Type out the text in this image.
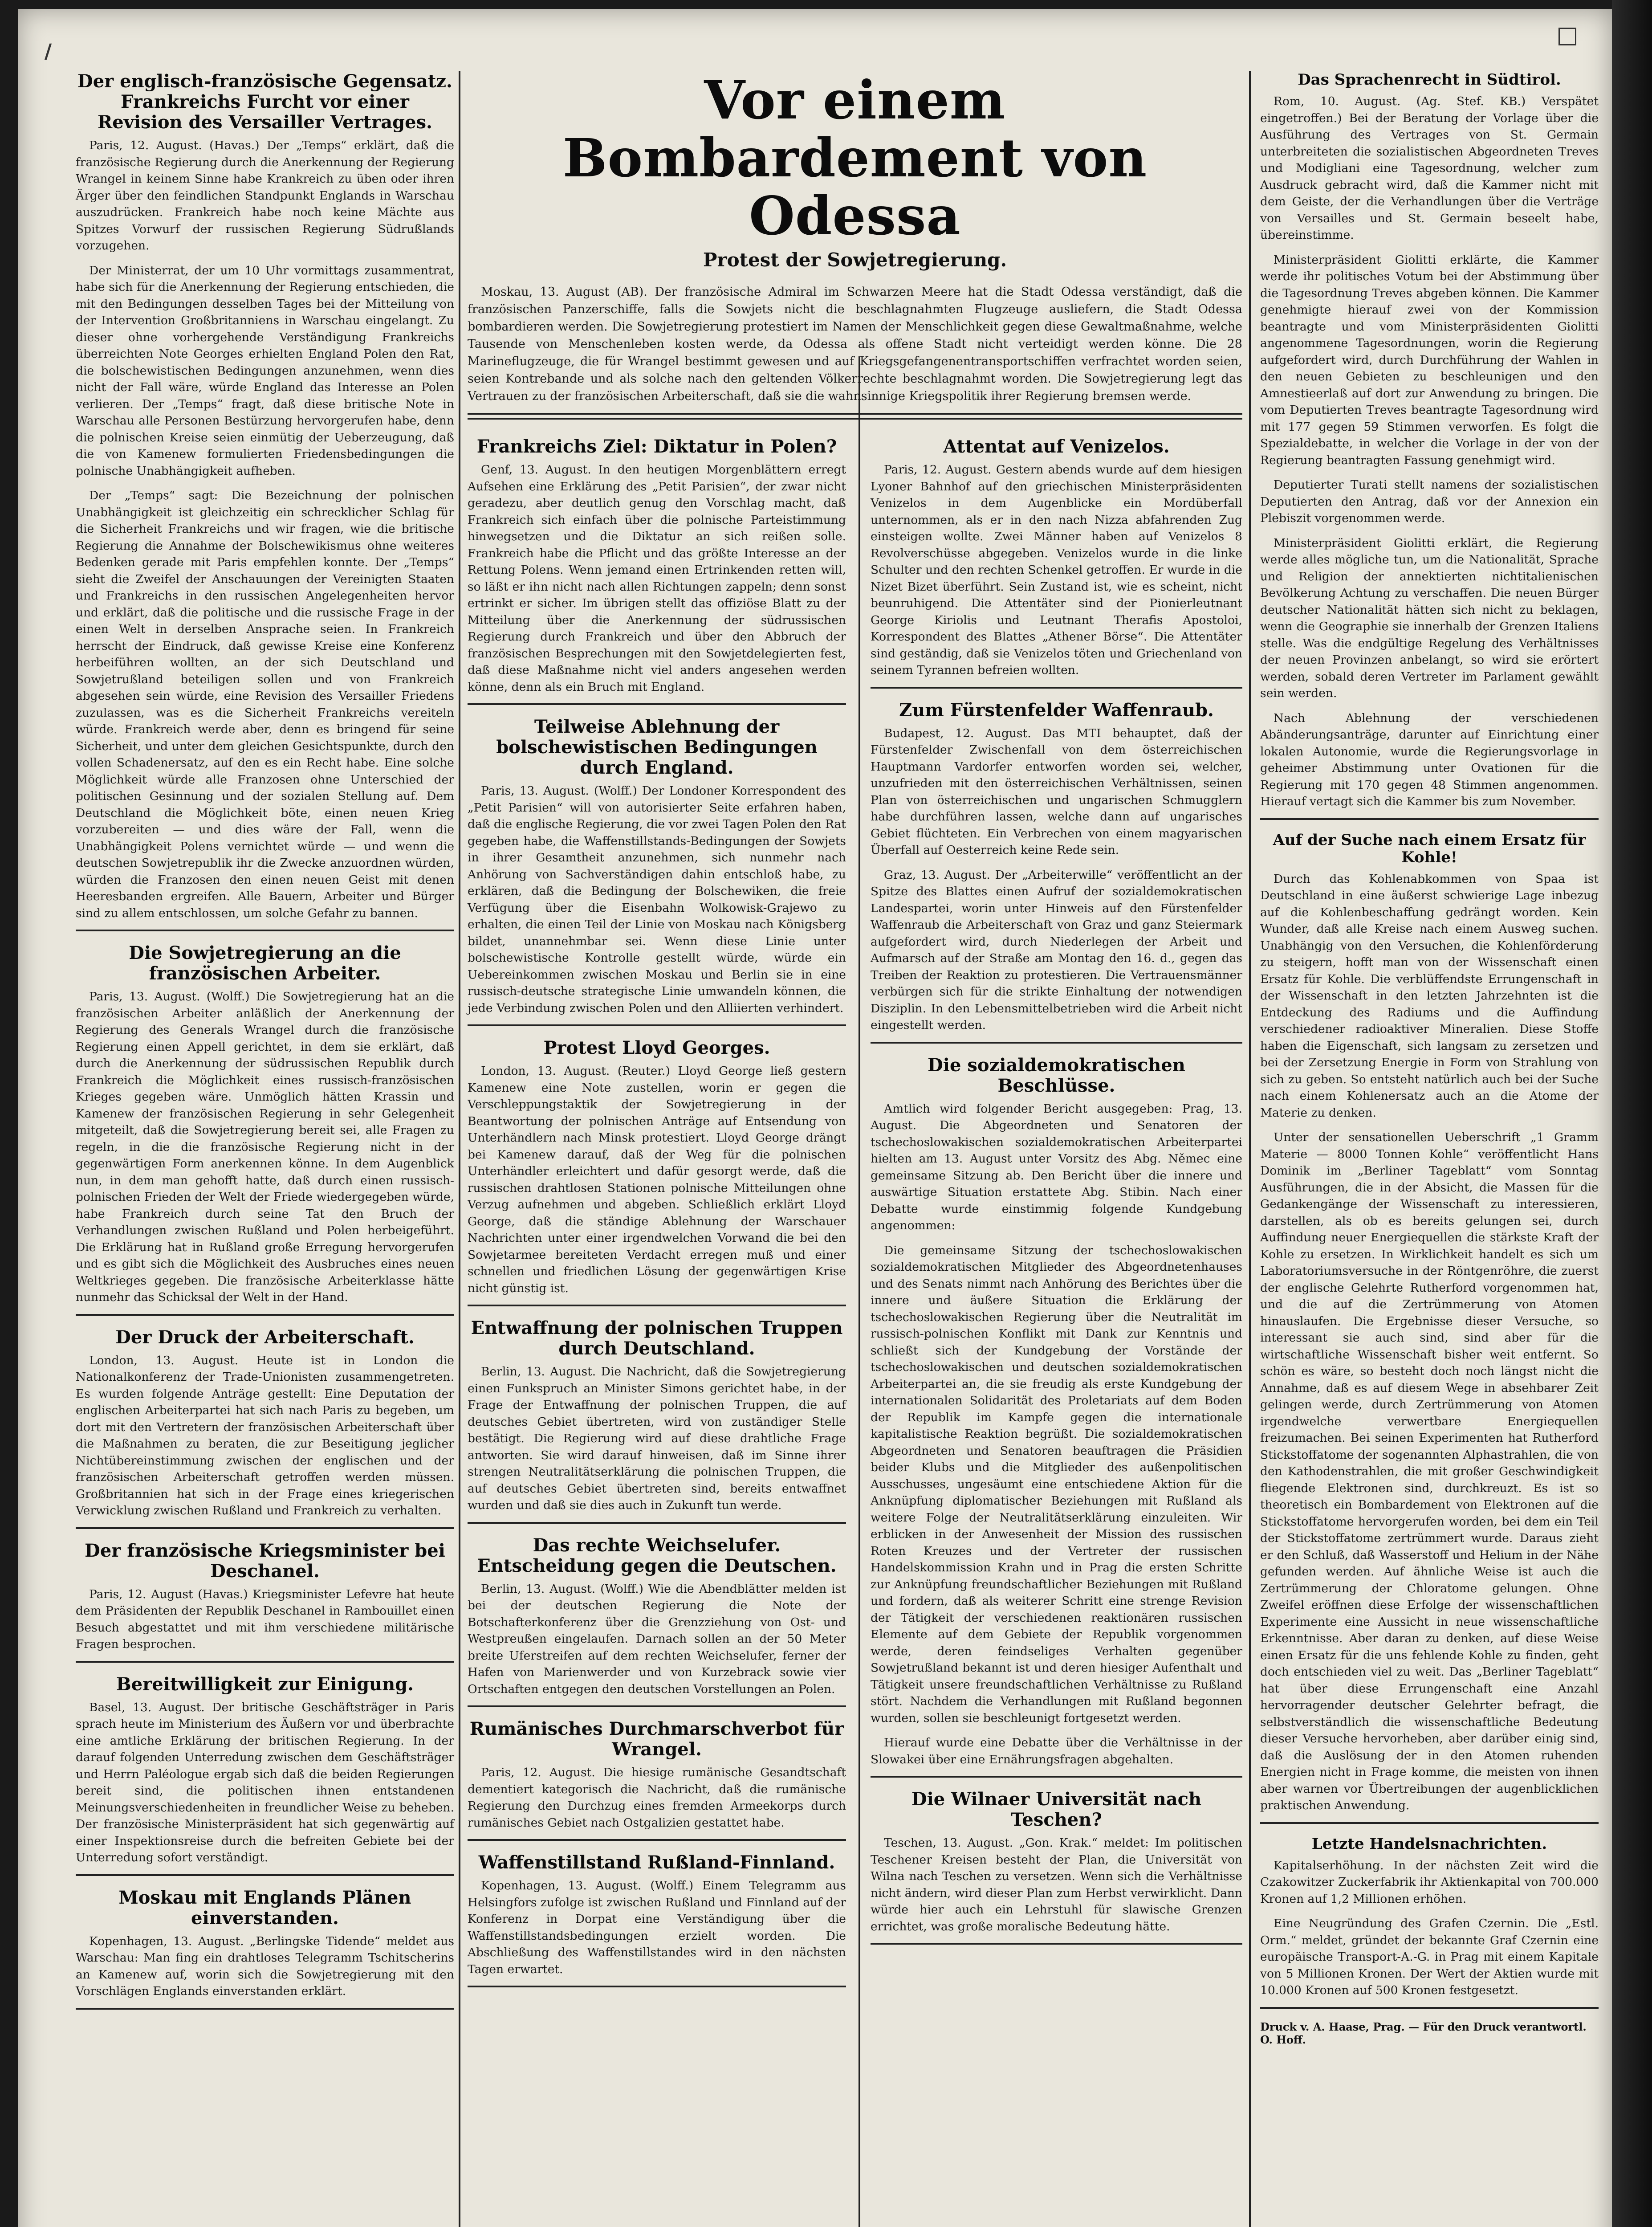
/
Der englisch-französische Gegensatz. Frankreichs Furcht vor einer Revision des Versailler Vertrages.
Paris, 12. August. (Havas.) Der „Temps“ erklärt, daß die französische Regierung durch die Anerkennung der Regierung Wrangel in keinem Sinne habe Krankreich zu üben oder ihren Ärger über den feindlichen Standpunkt Englands in Warschau auszudrücken. Frankreich habe noch keine Mächte aus Spitzes Vorwurf der russischen Regierung Südrußlands vorzugehen.
Der Ministerrat, der um 10 Uhr vormittags zusammentrat, habe sich für die Anerkennung der Regierung entschieden, die mit den Bedingungen desselben Tages bei der Mitteilung von der Intervention Großbritanniens in Warschau eingelangt. Zu dieser ohne vorhergehende Verständigung Frankreichs überreichten Note Georges erhielten England Polen den Rat, die bolschewistischen Bedingungen anzunehmen, wenn dies nicht der Fall wäre, würde England das Interesse an Polen verlieren. Der „Temps“ fragt, daß diese britische Note in Warschau alle Personen Bestürzung hervorgerufen habe, denn die polnischen Kreise seien einmütig der Ueberzeugung, daß die von Kamenew formulierten Friedensbedingungen die polnische Unabhängigkeit aufheben.
Der „Temps“ sagt: Die Bezeichnung der polnischen Unabhängigkeit ist gleichzeitig ein schrecklicher Schlag für die Sicherheit Frankreichs und wir fragen, wie die britische Regierung die Annahme der Bolschewikismus ohne weiteres Bedenken gerade mit Paris empfehlen konnte. Der „Temps“ sieht die Zweifel der Anschauungen der Vereinigten Staaten und Frankreichs in den russischen Angelegenheiten hervor und erklärt, daß die politische und die russische Frage in der einen Welt in derselben Ansprache seien. In Frankreich herrscht der Eindruck, daß gewisse Kreise eine Konferenz herbeiführen wollten, an der sich Deutschland und Sowjetrußland beteiligen sollen und von Frankreich abgesehen sein würde, eine Revision des Versailler Friedens zuzulassen, was es die Sicherheit Frankreichs vereiteln würde. Frankreich werde aber, denn es bringend für seine Sicherheit, und unter dem gleichen Gesichtspunkte, durch den vollen Schadenersatz, auf den es ein Recht habe. Eine solche Möglichkeit würde alle Franzosen ohne Unterschied der politischen Gesinnung und der sozialen Stellung auf. Dem Deutschland die Möglichkeit böte, einen neuen Krieg vorzubereiten — und dies wäre der Fall, wenn die Unabhängigkeit Polens vernichtet würde — und wenn die deutschen Sowjetrepublik ihr die Zwecke anzuordnen würden, würden die Franzosen den einen neuen Geist mit denen Heeresbanden ergreifen. Alle Bauern, Arbeiter und Bürger sind zu allem entschlossen, um solche Gefahr zu bannen.
Die Sowjetregierung an die französischen Arbeiter.
Paris, 13. August. (Wolff.) Die Sowjetregierung hat an die französischen Arbeiter anläßlich der Anerkennung der Regierung des Generals Wrangel durch die französische Regierung einen Appell gerichtet, in dem sie erklärt, daß durch die Anerkennung der südrussischen Republik durch Frankreich die Möglichkeit eines russisch-französischen Krieges gegeben wäre. Unmöglich hätten Krassin und Kamenew der französischen Regierung in sehr Gelegenheit mitgeteilt, daß die Sowjetregierung bereit sei, alle Fragen zu regeln, in die die französische Regierung nicht in der gegenwärtigen Form anerkennen könne. In dem Augenblick nun, in dem man gehofft hatte, daß durch einen russisch-polnischen Frieden der Welt der Friede wiedergegeben würde, habe Frankreich durch seine Tat den Bruch der Verhandlungen zwischen Rußland und Polen herbeigeführt. Die Erklärung hat in Rußland große Erregung hervorgerufen und es gibt sich die Möglichkeit des Ausbruches eines neuen Weltkrieges gegeben. Die französische Arbeiterklasse hätte nunmehr das Schicksal der Welt in der Hand.
Der Druck der Arbeiterschaft.
London, 13. August. Heute ist in London die Nationalkonferenz der Trade-Unionisten zusammengetreten. Es wurden folgende Anträge gestellt: Eine Deputation der englischen Arbeiterpartei hat sich nach Paris zu begeben, um dort mit den Vertretern der französischen Arbeiterschaft über die Maßnahmen zu beraten, die zur Beseitigung jeglicher Nichtübereinstimmung zwischen der englischen und der französischen Arbeiterschaft getroffen werden müssen. Großbritannien hat sich in der Frage eines kriegerischen Verwicklung zwischen Rußland und Frankreich zu verhalten.
Der französische Kriegsminister bei Deschanel.
Paris, 12. August (Havas.) Kriegsminister Lefevre hat heute dem Präsidenten der Republik Deschanel in Rambouillet einen Besuch abgestattet und mit ihm verschiedene militärische Fragen besprochen.
Bereitwilligkeit zur Einigung.
Basel, 13. August. Der britische Geschäftsträger in Paris sprach heute im Ministerium des Äußern vor und überbrachte eine amtliche Erklärung der britischen Regierung. In der darauf folgenden Unterredung zwischen dem Geschäftsträger und Herrn Paléologue ergab sich daß die beiden Regierungen bereit sind, die politischen ihnen entstandenen Meinungsverschiedenheiten in freundlicher Weise zu beheben. Der französische Ministerpräsident hat sich gegenwärtig auf einer Inspektionsreise durch die befreiten Gebiete bei der Unterredung sofort verständigt.
Moskau mit Englands Plänen einverstanden.
Kopenhagen, 13. August. „Berlingske Tidende“ meldet aus Warschau: Man fing ein drahtloses Telegramm Tschitscherins an Kamenew auf, worin sich die Sowjetregierung mit den Vorschlägen Englands einverstanden erklärt.
Vor einem Bombardement von Odessa
Protest der Sowjetregierung.
Moskau, 13. August (AB). Der französische Admiral im Schwarzen Meere hat die Stadt Odessa verständigt, daß die französischen Panzerschiffe, falls die Sowjets nicht die beschlagnahmten Flugzeuge ausliefern, die Stadt Odessa bombardieren werden. Die Sowjetregierung protestiert im Namen der Menschlichkeit gegen diese Gewaltmaßnahme, welche Tausende von Menschenleben kosten werde, da Odessa als offene Stadt nicht verteidigt werden könne. Die 28 Marineflugzeuge, die für Wrangel bestimmt gewesen und auf Kriegsgefangenentransportschiffen verfrachtet worden seien, seien Kontrebande und als solche nach den geltenden Völkerrechte beschlagnahmt worden. Die Sowjetregierung legt das Vertrauen zu der französischen Arbeiterschaft, daß sie die wahnsinnige Kriegspolitik ihrer Regierung bremsen werde.
Frankreichs Ziel: Diktatur in Polen?
Genf, 13. August. In den heutigen Morgenblättern erregt Aufsehen eine Erklärung des „Petit Parisien“, der zwar nicht geradezu, aber deutlich genug den Vorschlag macht, daß Frankreich sich einfach über die polnische Parteistimmung hinwegsetzen und die Diktatur an sich reißen solle. Frankreich habe die Pflicht und das größte Interesse an der Rettung Polens. Wenn jemand einen Ertrinkenden retten will, so läßt er ihn nicht nach allen Richtungen zappeln; denn sonst ertrinkt er sicher. Im übrigen stellt das offiziöse Blatt zu der Mitteilung über die Anerkennung der südrussischen Regierung durch Frankreich und über den Abbruch der französischen Besprechungen mit den Sowjetdelegierten fest, daß diese Maßnahme nicht viel anders angesehen werden könne, denn als ein Bruch mit England.
Teilweise Ablehnung der bolschewistischen Bedingungen durch England.
Paris, 13. August. (Wolff.) Der Londoner Korrespondent des „Petit Parisien“ will von autorisierter Seite erfahren haben, daß die englische Regierung, die vor zwei Tagen Polen den Rat gegeben habe, die Waffenstillstands-Bedingungen der Sowjets in ihrer Gesamtheit anzunehmen, sich nunmehr nach Anhörung von Sachverständigen dahin entschloß habe, zu erklären, daß die Bedingung der Bolschewiken, die freie Verfügung über die Eisenbahn Wolkowisk-Grajewo zu erhalten, die einen Teil der Linie von Moskau nach Königsberg bildet, unannehmbar sei. Wenn diese Linie unter bolschewistische Kontrolle gestellt würde, würde ein Uebereinkommen zwischen Moskau und Berlin sie in eine russisch-deutsche strategische Linie umwandeln können, die jede Verbindung zwischen Polen und den Alliierten verhindert.
Protest Lloyd Georges.
London, 13. August. (Reuter.) Lloyd George ließ gestern Kamenew eine Note zustellen, worin er gegen die Verschleppungstaktik der Sowjetregierung in der Beantwortung der polnischen Anträge auf Entsendung von Unterhändlern nach Minsk protestiert. Lloyd George drängt bei Kamenew darauf, daß der Weg für die polnischen Unterhändler erleichtert und dafür gesorgt werde, daß die russischen drahtlosen Stationen polnische Mitteilungen ohne Verzug aufnehmen und abgeben. Schließlich erklärt Lloyd George, daß die ständige Ablehnung der Warschauer Nachrichten unter einer irgendwelchen Vorwand die bei den Sowjetarmee bereiteten Verdacht erregen muß und einer schnellen und friedlichen Lösung der gegenwärtigen Krise nicht günstig ist.
Entwaffnung der polnischen Truppen durch Deutschland.
Berlin, 13. August. Die Nachricht, daß die Sowjetregierung einen Funkspruch an Minister Simons gerichtet habe, in der Frage der Entwaffnung der polnischen Truppen, die auf deutsches Gebiet übertreten, wird von zuständiger Stelle bestätigt. Die Regierung wird auf diese drahtliche Frage antworten. Sie wird darauf hinweisen, daß im Sinne ihrer strengen Neutralitätserklärung die polnischen Truppen, die auf deutsches Gebiet übertreten sind, bereits entwaffnet wurden und daß sie dies auch in Zukunft tun werde.
Das rechte Weichselufer. Entscheidung gegen die Deutschen.
Berlin, 13. August. (Wolff.) Wie die Abendblätter melden ist bei der deutschen Regierung die Note der Botschafterkonferenz über die Grenzziehung von Ost- und Westpreußen eingelaufen. Darnach sollen an der 50 Meter breite Uferstreifen auf dem rechten Weichselufer, ferner der Hafen von Marienwerder und von Kurzebrack sowie vier Ortschaften entgegen den deutschen Vorstellungen an Polen.
Rumänisches Durchmarschverbot für Wrangel.
Paris, 12. August. Die hiesige rumänische Gesandtschaft dementiert kategorisch die Nachricht, daß die rumänische Regierung den Durchzug eines fremden Armeekorps durch rumänisches Gebiet nach Ostgalizien gestattet habe.
Waffenstillstand Rußland-Finnland.
Kopenhagen, 13. August. (Wolff.) Einem Telegramm aus Helsingfors zufolge ist zwischen Rußland und Finnland auf der Konferenz in Dorpat eine Verständigung über die Waffenstillstandsbedingungen erzielt worden. Die Abschließung des Waffenstillstandes wird in den nächsten Tagen erwartet.
Attentat auf Venizelos.
Paris, 12. August. Gestern abends wurde auf dem hiesigen Lyoner Bahnhof auf den griechischen Ministerpräsidenten Venizelos in dem Augenblicke ein Mordüberfall unternommen, als er in den nach Nizza abfahrenden Zug einsteigen wollte. Zwei Männer haben auf Venizelos 8 Revolverschüsse abgegeben. Venizelos wurde in die linke Schulter und den rechten Schenkel getroffen. Er wurde in die Nizet Bizet überführt. Sein Zustand ist, wie es scheint, nicht beunruhigend. Die Attentäter sind der Pionierleutnant George Kiriolis und Leutnant Therafis Apostoloi, Korrespondent des Blattes „Athener Börse“. Die Attentäter sind geständig, daß sie Venizelos töten und Griechenland von seinem Tyrannen befreien wollten.
Zum Fürstenfelder Waffenraub.
Budapest, 12. August. Das MTI behauptet, daß der Fürstenfelder Zwischenfall von dem österreichischen Hauptmann Vardorfer entworfen worden sei, welcher, unzufrieden mit den österreichischen Verhältnissen, seinen Plan von österreichischen und ungarischen Schmugglern habe durchführen lassen, welche dann auf ungarisches Gebiet flüchteten. Ein Verbrechen von einem magyarischen Überfall auf Oesterreich keine Rede sein.
Graz, 13. August. Der „Arbeiterwille“ veröffentlicht an der Spitze des Blattes einen Aufruf der sozialdemokratischen Landespartei, worin unter Hinweis auf den Fürstenfelder Waffenraub die Arbeiterschaft von Graz und ganz Steiermark aufgefordert wird, durch Niederlegen der Arbeit und Aufmarsch auf der Straße am Montag den 16. d., gegen das Treiben der Reaktion zu protestieren. Die Vertrauensmänner verbürgen sich für die strikte Einhaltung der notwendigen Disziplin. In den Lebensmittelbetrieben wird die Arbeit nicht eingestellt werden.
Die sozialdemokratischen Beschlüsse.
Amtlich wird folgender Bericht ausgegeben: Prag, 13. August. Die Abgeordneten und Senatoren der tschechoslowakischen sozialdemokratischen Arbeiterpartei hielten am 13. August unter Vorsitz des Abg. Němec eine gemeinsame Sitzung ab. Den Bericht über die innere und auswärtige Situation erstattete Abg. Stibin. Nach einer Debatte wurde einstimmig folgende Kundgebung angenommen:
Die gemeinsame Sitzung der tschechoslowakischen sozialdemokratischen Mitglieder des Abgeordnetenhauses und des Senats nimmt nach Anhörung des Berichtes über die innere und äußere Situation die Erklärung der tschechoslowakischen Regierung über die Neutralität im russisch-polnischen Konflikt mit Dank zur Kenntnis und schließt sich der Kundgebung der Vorstände der tschechoslowakischen und deutschen sozialdemokratischen Arbeiterpartei an, die sie freudig als erste Kundgebung der internationalen Solidarität des Proletariats auf dem Boden der Republik im Kampfe gegen die internationale kapitalistische Reaktion begrüßt. Die sozialdemokratischen Abgeordneten und Senatoren beauftragen die Präsidien beider Klubs und die Mitglieder des außenpolitischen Ausschusses, ungesäumt eine entschiedene Aktion für die Anknüpfung diplomatischer Beziehungen mit Rußland als weitere Folge der Neutralitätserklärung einzuleiten. Wir erblicken in der Anwesenheit der Mission des russischen Roten Kreuzes und der Vertreter der russischen Handelskommission Krahn und in Prag die ersten Schritte zur Anknüpfung freundschaftlicher Beziehungen mit Rußland und fordern, daß als weiterer Schritt eine strenge Revision der Tätigkeit der verschiedenen reaktionären russischen Elemente auf dem Gebiete der Republik vorgenommen werde, deren feindseliges Verhalten gegenüber Sowjetrußland bekannt ist und deren hiesiger Aufenthalt und Tätigkeit unsere freundschaftlichen Verhältnisse zu Rußland stört. Nachdem die Verhandlungen mit Rußland begonnen wurden, sollen sie beschleunigt fortgesetzt werden.
Hierauf wurde eine Debatte über die Verhältnisse in der Slowakei über eine Ernährungsfragen abgehalten.
Die Wilnaer Universität nach Teschen?
Teschen, 13. August. „Gon. Krak.“ meldet: Im politischen Teschener Kreisen besteht der Plan, die Universität von Wilna nach Teschen zu versetzen. Wenn sich die Verhältnisse nicht ändern, wird dieser Plan zum Herbst verwirklicht. Dann würde hier auch ein Lehrstuhl für slawische Grenzen errichtet, was große moralische Bedeutung hätte.
Das Sprachenrecht in Südtirol.
Rom, 10. August. (Ag. Stef. KB.) Verspätet eingetroffen.) Bei der Beratung der Vorlage über die Ausführung des Vertrages von St. Germain unterbreiteten die sozialistischen Abgeordneten Treves und Modigliani eine Tagesordnung, welcher zum Ausdruck gebracht wird, daß die Kammer nicht mit dem Geiste, der die Verhandlungen über die Verträge von Versailles und St. Germain beseelt habe, übereinstimme.
Ministerpräsident Giolitti erklärte, die Kammer werde ihr politisches Votum bei der Abstimmung über die Tagesordnung Treves abgeben können. Die Kammer genehmigte hierauf zwei von der Kommission beantragte und vom Ministerpräsidenten Giolitti angenommene Tagesordnungen, worin die Regierung aufgefordert wird, durch Durchführung der Wahlen in den neuen Gebieten zu beschleunigen und den Amnestieerlaß auf dort zur Anwendung zu bringen. Die vom Deputierten Treves beantragte Tagesordnung wird mit 177 gegen 59 Stimmen verworfen. Es folgt die Spezialdebatte, in welcher die Vorlage in der von der Regierung beantragten Fassung genehmigt wird.
Deputierter Turati stellt namens der sozialistischen Deputierten den Antrag, daß vor der Annexion ein Plebiszit vorgenommen werde.
Ministerpräsident Giolitti erklärt, die Regierung werde alles mögliche tun, um die Nationalität, Sprache und Religion der annektierten nichtitalienischen Bevölkerung Achtung zu verschaffen. Die neuen Bürger deutscher Nationalität hätten sich nicht zu beklagen, wenn die Geographie sie innerhalb der Grenzen Italiens stelle. Was die endgültige Regelung des Verhältnisses der neuen Provinzen anbelangt, so wird sie erörtert werden, sobald deren Vertreter im Parlament gewählt sein werden.
Nach Ablehnung der verschiedenen Abänderungsanträge, darunter auf Einrichtung einer lokalen Autonomie, wurde die Regierungsvorlage in geheimer Abstimmung unter Ovationen für die Regierung mit 170 gegen 48 Stimmen angenommen. Hierauf vertagt sich die Kammer bis zum November.
Auf der Suche nach einem Ersatz für Kohle!
Durch das Kohlenabkommen von Spaa ist Deutschland in eine äußerst schwierige Lage inbezug auf die Kohlenbeschaffung gedrängt worden. Kein Wunder, daß alle Kreise nach einem Ausweg suchen. Unabhängig von den Versuchen, die Kohlenförderung zu steigern, hofft man von der Wissenschaft einen Ersatz für Kohle. Die verblüffendste Errungenschaft in der Wissenschaft in den letzten Jahrzehnten ist die Entdeckung des Radiums und die Auffindung verschiedener radioaktiver Mineralien. Diese Stoffe haben die Eigenschaft, sich langsam zu zersetzen und bei der Zersetzung Energie in Form von Strahlung von sich zu geben. So entsteht natürlich auch bei der Suche nach einem Kohlenersatz auch an die Atome der Materie zu denken.
Unter der sensationellen Ueberschrift „1 Gramm Materie — 8000 Tonnen Kohle“ veröffentlicht Hans Dominik im „Berliner Tageblatt“ vom Sonntag Ausführungen, die in der Absicht, die Massen für die Gedankengänge der Wissenschaft zu interessieren, darstellen, als ob es bereits gelungen sei, durch Auffindung neuer Energiequellen die stärkste Kraft der Kohle zu ersetzen. In Wirklichkeit handelt es sich um Laboratoriumsversuche in der Röntgenröhre, die zuerst der englische Gelehrte Rutherford vorgenommen hat, und die auf die Zertrümmerung von Atomen hinauslaufen. Die Ergebnisse dieser Versuche, so interessant sie auch sind, sind aber für die wirtschaftliche Wissenschaft bisher weit entfernt. So schön es wäre, so besteht doch noch längst nicht die Annahme, daß es auf diesem Wege in absehbarer Zeit gelingen werde, durch Zertrümmerung von Atomen irgendwelche verwertbare Energiequellen freizumachen. Bei seinen Experimenten hat Rutherford Stickstoffatome der sogenannten Alphastrahlen, die von den Kathodenstrahlen, die mit großer Geschwindigkeit fliegende Elektronen sind, durchkreuzt. Es ist so theoretisch ein Bombardement von Elektronen auf die Stickstoffatome hervorgerufen worden, bei dem ein Teil der Stickstoffatome zertrümmert wurde. Daraus zieht er den Schluß, daß Wasserstoff und Helium in der Nähe gefunden werden. Auf ähnliche Weise ist auch die Zertrümmerung der Chloratome gelungen. Ohne Zweifel eröffnen diese Erfolge der wissenschaftlichen Experimente eine Aussicht in neue wissenschaftliche Erkenntnisse. Aber daran zu denken, auf diese Weise einen Ersatz für die uns fehlende Kohle zu finden, geht doch entschieden viel zu weit. Das „Berliner Tageblatt“ hat über diese Errungenschaft eine Anzahl hervorragender deutscher Gelehrter befragt, die selbstverständlich die wissenschaftliche Bedeutung dieser Versuche hervorheben, aber darüber einig sind, daß die Auslösung der in den Atomen ruhenden Energien nicht in Frage komme, die meisten von ihnen aber warnen vor Übertreibungen der augenblicklichen praktischen Anwendung.
Letzte Handelsnachrichten.
Kapitalserhöhung. In der nächsten Zeit wird die Czakowitzer Zuckerfabrik ihr Aktienkapital von 700.000 Kronen auf 1,2 Millionen erhöhen.
Eine Neugründung des Grafen Czernin. Die „Estl. Orm.“ meldet, gründet der bekannte Graf Czernin eine europäische Transport-A.-G. in Prag mit einem Kapitale von 5 Millionen Kronen. Der Wert der Aktien wurde mit 10.000 Kronen auf 500 Kronen festgesetzt.
Druck v. A. Haase, Prag. — Für den Druck verantwortl. O. Hoff.
